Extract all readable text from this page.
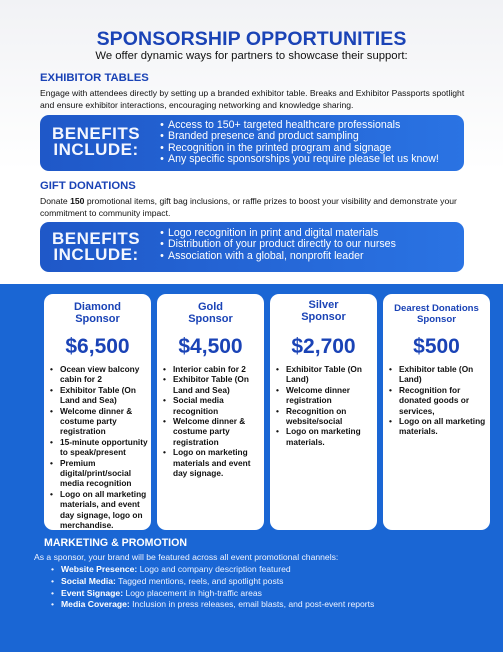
SPONSORSHIP OPPORTUNITIES
We offer dynamic ways for partners to showcase their support:
EXHIBITOR TABLES
Engage with attendees directly by setting up a branded exhibitor table. Breaks and Exhibitor Passports spotlight and ensure exhibitor interactions, encouraging networking and knowledge sharing.
BENEFITS
INCLUDE:
• Access to 150+ targeted healthcare professionals
• Branded presence and product sampling
• Recognition in the printed program and signage
• Any specific sponsorships you require please let us know!
GIFT DONATIONS
Donate 150 promotional items, gift bag inclusions, or raffle prizes to boost your visibility and demonstrate your commitment to community impact.
BENEFITS
INCLUDE:
• Logo recognition in print and digital materials
• Distribution of your product directly to our nurses
• Association with a global, nonprofit leader
Diamond
Sponsor
$6,500
• Ocean view balcony cabin for 2
• Exhibitor Table (On Land and Sea)
• Welcome dinner & costume party registration
• 15-minute opportunity to speak/present
• Premium digital/print/social media recognition
• Logo on all marketing materials, and event day signage, logo on merchandise.
Gold
Sponsor
$4,500
• Interior cabin for 2
• Exhibitor Table (On Land and Sea)
• Social media recognition
• Welcome dinner & costume party registration
• Logo on marketing materials and event day signage.
Silver
Sponsor
$2,700
• Exhibitor Table (On Land)
• Welcome dinner registration
• Recognition on website/social
• Logo on marketing materials.
Dearest Donations
Sponsor
$500
• Exhibitor table (On Land)
• Recognition for donated goods or services,
• Logo on all marketing materials.
MARKETING & PROMOTION
As a sponsor, your brand will be featured across all event promotional channels:
• Website Presence: Logo and company description featured
• Social Media: Tagged mentions, reels, and spotlight posts
• Event Signage: Logo placement in high-traffic areas
• Media Coverage: Inclusion in press releases, email blasts, and post-event reports
